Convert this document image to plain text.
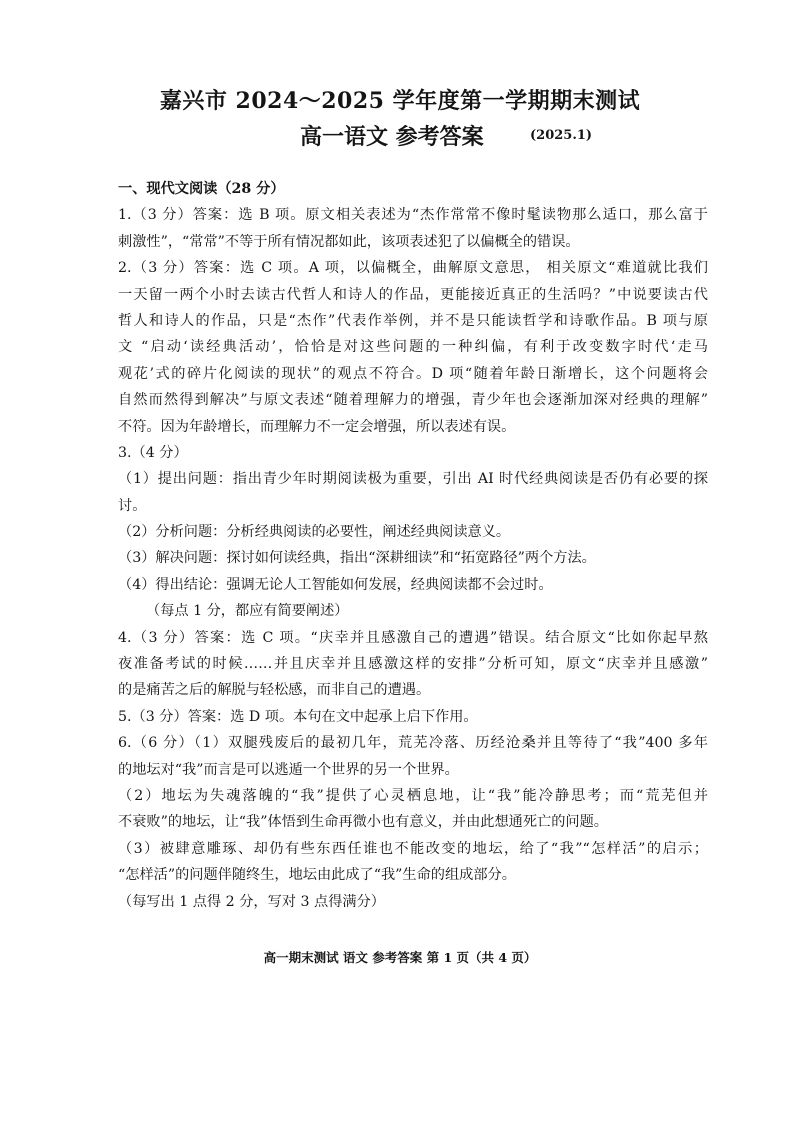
嘉兴市 2024～2025 学年度第一学期期末测试
高一语文 参考答案	(2025.1)
一、现代文阅读（28 分）
1.（3 分）答案：选 B 项。原文相关表述为“杰作常常不像时髦读物那么适口，那么富于
刺激性”，“常常”不等于所有情况都如此，该项表述犯了以偏概全的错误。
2.（3 分）答案：选 C 项。A 项，以偏概全，曲解原文意思， 相关原文“难道就比我们
一天留一两个小时去读古代哲人和诗人的作品，更能接近真正的生活吗？”中说要读古代
哲人和诗人的作品，只是“杰作”代表作举例，并不是只能读哲学和诗歌作品。B 项与原
文 “启动‘读经典活动’，恰恰是对这些问题的一种纠偏，有利于改变数字时代‘走马
观花’式的碎片化阅读的现状”的观点不符合。D 项“随着年龄日渐增长，这个问题将会
自然而然得到解决”与原文表述“随着理解力的增强，青少年也会逐渐加深对经典的理解”
不符。因为年龄增长，而理解力不一定会增强，所以表述有误。
3.（4 分）
（1）提出问题：指出青少年时期阅读极为重要，引出 AI 时代经典阅读是否仍有必要的探
讨。
（2）分析问题：分析经典阅读的必要性，阐述经典阅读意义。
（3）解决问题：探讨如何读经典，指出“深耕细读”和“拓宽路径”两个方法。
（4）得出结论：强调无论人工智能如何发展，经典阅读都不会过时。
（每点 1 分，都应有简要阐述）
4.（3 分）答案：选 C 项。“庆幸并且感激自己的遭遇”错误。结合原文“比如你起早熬
夜准备考试的时候……并且庆幸并且感激这样的安排”分析可知，原文“庆幸并且感激”
的是痛苦之后的解脱与轻松感，而非自己的遭遇。
5.（3 分）答案：选 D 项。本句在文中起承上启下作用。
6.（6 分）（1）双腿残废后的最初几年，荒芜冷落、历经沧桑并且等待了“我”400 多年
的地坛对“我”而言是可以逃遁一个世界的另一个世界。
（2）地坛为失魂落魄的“我”提供了心灵栖息地，让“我”能冷静思考；而“荒芜但并
不衰败”的地坛，让“我”体悟到生命再微小也有意义，并由此想通死亡的问题。
（3）被肆意雕琢、却仍有些东西任谁也不能改变的地坛，给了“我”“怎样活”的启示；
“怎样活”的问题伴随终生，地坛由此成了“我”生命的组成部分。
（每写出 1 点得 2 分，写对 3 点得满分）
高一期末测试 语文 参考答案 第 1 页（共 4 页）
